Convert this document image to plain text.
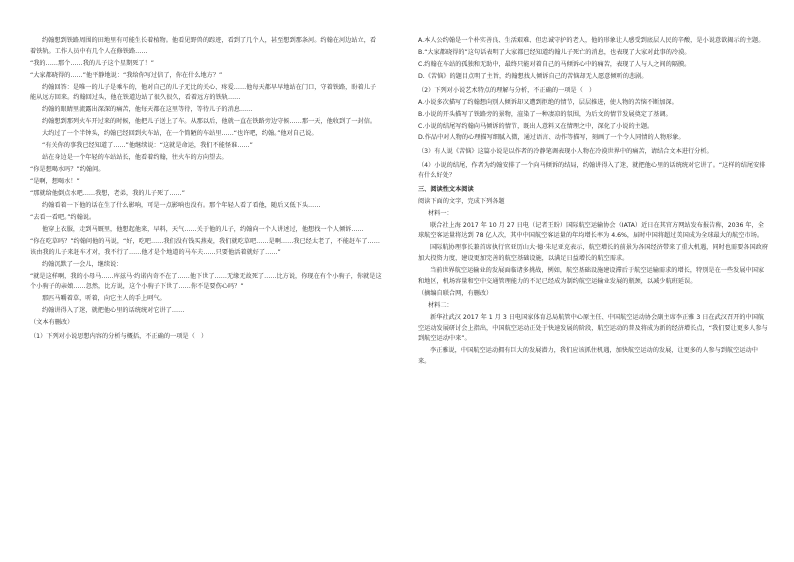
约翰想到铁路周围的田地里有可能生长着植物。他看见野兽的踪迹，看到了几个人，甚至想到那条河。约翰在河边站立，看着铁轨。工作人员中有几个人在修铁路……

“我的……那个……我的儿子这个星期死了！”

“大家都晓得的……”他平静地说：“我给你写过信了，你在什么地方？”

约翰回答：是唯一的儿子是乘车的，他对自己的儿子无比的关心、疼爱……他每天都早早地站在门口，守着铁路，盼着儿子能从远方回来。约翰回过头，他在铁道边站了很久很久，看着远方的铁轨……

约翰的眼睛里流露出深深的痛苦，他每天都在这里等待，等待儿子的消息……

约翰想到那列火车开过来的时候，他把儿子送上了车。从那以后，他就一直在铁路旁边守候……那一天，他收到了一封信。

大约过了一个半钟头，约翰已经回到火车站，在一个简陋的车站里……“也许吧，约翰。”他对自己说。

“有关你的事我已经知道了……”他继续说：“这就是命运，我们不能怪谁……”

站在身边是一个年轻的车站站长，他看着约翰，往火车的方向望去。

“你是想喝水吗？”约翰问。

“是啊，想喝水！”

“那就给他倒点水吧……我想，老弟，我的儿子死了……”

约翰看着一下他的话在生了什么影响，可是一点影响也没有。那个年轻人看了看他，随后又低下头……

“去看一看吧。”约翰说。

他穿上衣服，走到马厩里，他想起他来，早料，天气……关于他的儿子，约翰向一个人讲述过，他想找一个人倾诉……

“你在吃草吗？”约翰问他的马说，“好，吃吧……我们没有钱买燕麦，我们就吃草吧……是啊……我已经太老了，不能赶车了……该由我的儿子来赶车才对，我不行了……他才是个地道的马车夫……只要他活着就好了……”

约翰沉默了一会儿，继续说：

“就是这样啊，我的小母马……库兹马·约诺内奇不在了……他下世了……无缘无故死了……比方说，你现在有个小驹子，你就是这个小驹子的亲娘……忽然，比方说，这个小驹子下世了……你不是要伤心吗？”

那匹马嚼着草，听着，向它主人的手上呵气。

约翰讲得入了迷，就把他心里的话统统对它讲了……

（文本有删改）

（1）下列对小说思想内容的分析与概括，不正确的一项是（　）

A.本人公约翰是一个朴实善良、生活艰难、但忠诚守护的老人，他的形象让人感受到底层人民的辛酸，是小说意欲揭示的主题。

B.“大家都晓得的”这句话表明了大家都已经知道约翰儿子死亡的消息，也表现了大家对此事的冷漠。

C.约翰在车站的孤独和无助中，最终只能对着自己的马倾诉心中的痛苦，表现了人与人之间的隔膜。

D.《苦恼》的题目点明了主旨，约翰想找人倾诉自己的苦恼却无人愿意倾听的悲剧。

（2）下列对小说艺术特点的理解与分析，不正确的一项是（　）

A.小说多次描写了约翰想向别人倾诉却又遭到拒绝的情节，层层推进，使人物的苦恼不断加深。

B.小说的开头描写了铁路旁的景物，渲染了一种凄凉的氛围，为后文的情节发展奠定了基调。

C.小说的结尾写约翰向马倾诉的情节，既出人意料又在情理之中，深化了小说的主题。

D.作品中对人物的心理描写细腻入微，通过语言、动作等描写，刻画了一个令人同情的人物形象。

（3）有人说《苦恼》这篇小说是以作者的冷静笔调表现小人物在冷漠世界中的痛苦，请结合文本进行分析。

（4）小说的结尾，作者为约翰安排了一个向马倾诉的结局，约翰讲得入了迷，就把他心里的话统统对它讲了。“这样的结尾安排有什么好处？

三、阅读性文本阅读

阅读下面的文字，完成下列各题

材料一：

联合社上海 2017 年 10 月 27 日电（记者王盼）国际航空运输协会（IATA）近日在其官方网站发布报告称，2036 年，全球航空客运量将达到 78 亿人次，其中中国航空客运量的年均增长率为 4.6%，届时中国将超过美国成为全球最大的航空市场。

国际航协理事长兼首席执行官亚历山大·德·朱尼亚克表示，航空增长的前景为各国经济带来了重大机遇，同时也需要各国政府加大投资力度，建设更加完善的航空基础设施，以满足日益增长的航空需求。

当前世界航空运输业的发展面临诸多挑战，例如，航空基础设施建设滞后于航空运输需求的增长，特别是在一些发展中国家和地区，机场容量和空中交通管理能力的不足已经成为制约航空运输业发展的瓶颈，以减少航班延误。

（摘编自联合网，有删改）

材料二：

新华社武汉 2017 年 1 月 3 日电国家体育总局航管中心原主任、中国航空运动协会副主席李正雅 3 日在武汉召开的中国航空运动发展研讨会上指出，中国航空运动正处于快速发展的阶段，航空运动的普及将成为新的经济增长点，“我们要让更多人参与到航空运动中来”。

李正雅说，中国航空运动拥有巨大的发展潜力，我们应该抓住机遇，加快航空运动的发展，让更多的人参与到航空运动中来。
